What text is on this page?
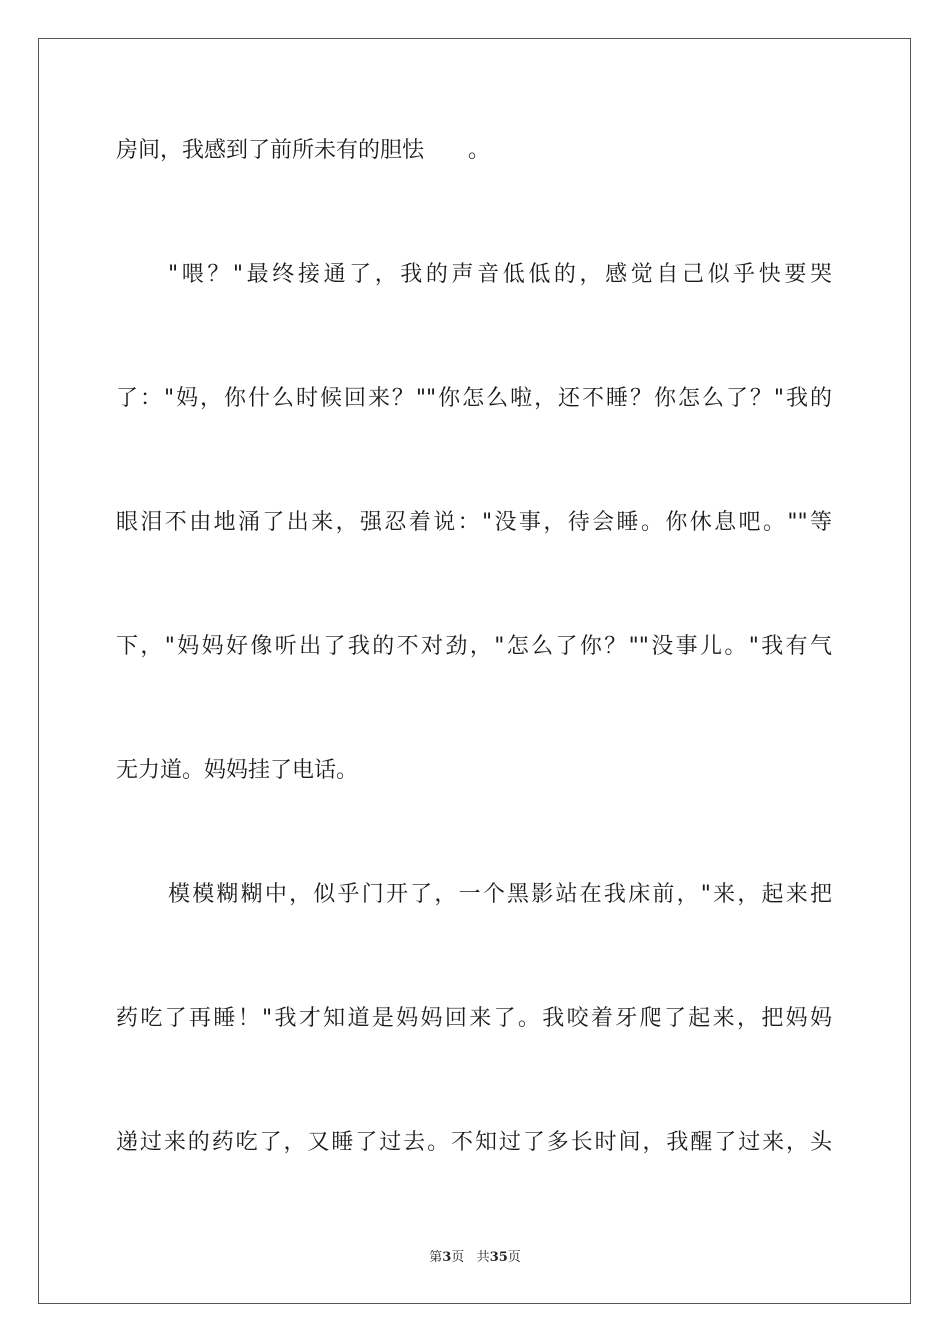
房间，我感到了前所未有的胆怯　　。
"喂？"最终接通了，我的声音低低的，感觉自己似乎快要哭
了："妈，你什么时候回来？""你怎么啦，还不睡？你怎么了？"我的
眼泪不由地涌了出来，强忍着说："没事，待会睡。你休息吧。""等
下，"妈妈好像听出了我的不对劲，"怎么了你？""没事儿。"我有气
无力道。妈妈挂了电话。
模模糊糊中，似乎门开了，一个黑影站在我床前，"来，起来把
药吃了再睡！"我才知道是妈妈回来了。我咬着牙爬了起来，把妈妈
递过来的药吃了，又睡了过去。不知过了多长时间，我醒了过来，头
第3页 共35页
